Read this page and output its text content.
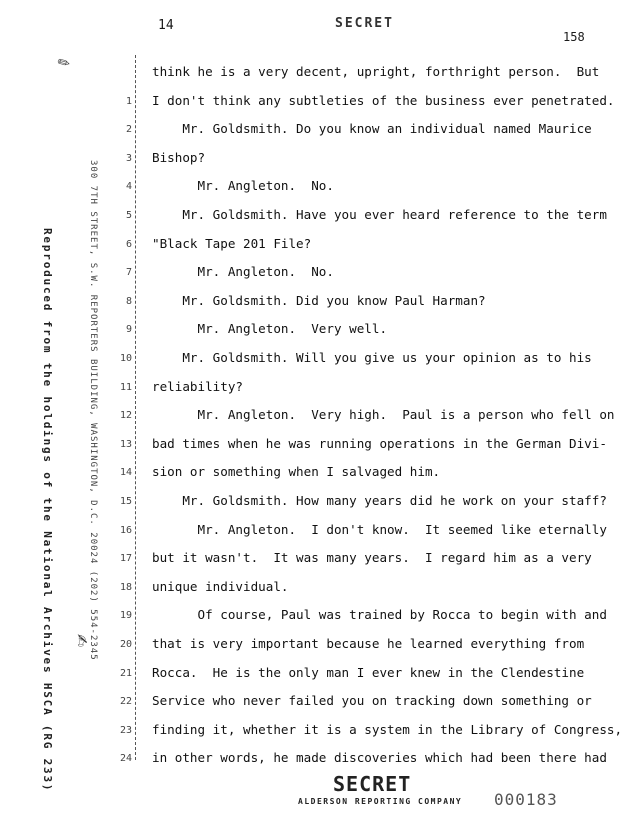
14	SECRET
158
✎
Reproduced from the holdings of the National Archives HSCA (RG 233)	300 7TH STREET, S.W. REPORTERS BUILDING, WASHINGTON, D.C. 20024 (202) 554-2345
✍
1
2
3
4
5
6
7
8
9
10
11
12
13
14
15
16
17
18
19
20
21
22
23
24
think he is a very decent, upright, forthright person.  But
I don't think any subtleties of the business ever penetrated.
Mr. Goldsmith. Do you know an individual named Maurice
Bishop?
Mr. Angleton.  No.
Mr. Goldsmith. Have you ever heard reference to the term
"Black Tape 201 File?
Mr. Angleton.  No.
Mr. Goldsmith. Did you know Paul Harman?
Mr. Angleton.  Very well.
Mr. Goldsmith. Will you give us your opinion as to his
reliability?
Mr. Angleton.  Very high.  Paul is a person who fell on
bad times when he was running operations in the German Divi-
sion or something when I salvaged him.
Mr. Goldsmith. How many years did he work on your staff?
Mr. Angleton.  I don't know.  It seemed like eternally
but it wasn't.  It was many years.  I regard him as a very
unique individual.
Of course, Paul was trained by Rocca to begin with and
that is very important because he learned everything from
Rocca.  He is the only man I ever knew in the Clendestine
Service who never failed you on tracking down something or
finding it, whether it is a system in the Library of Congress,
in other words, he made discoveries which had been there had
SECRET
ALDERSON REPORTING COMPANY 000183
